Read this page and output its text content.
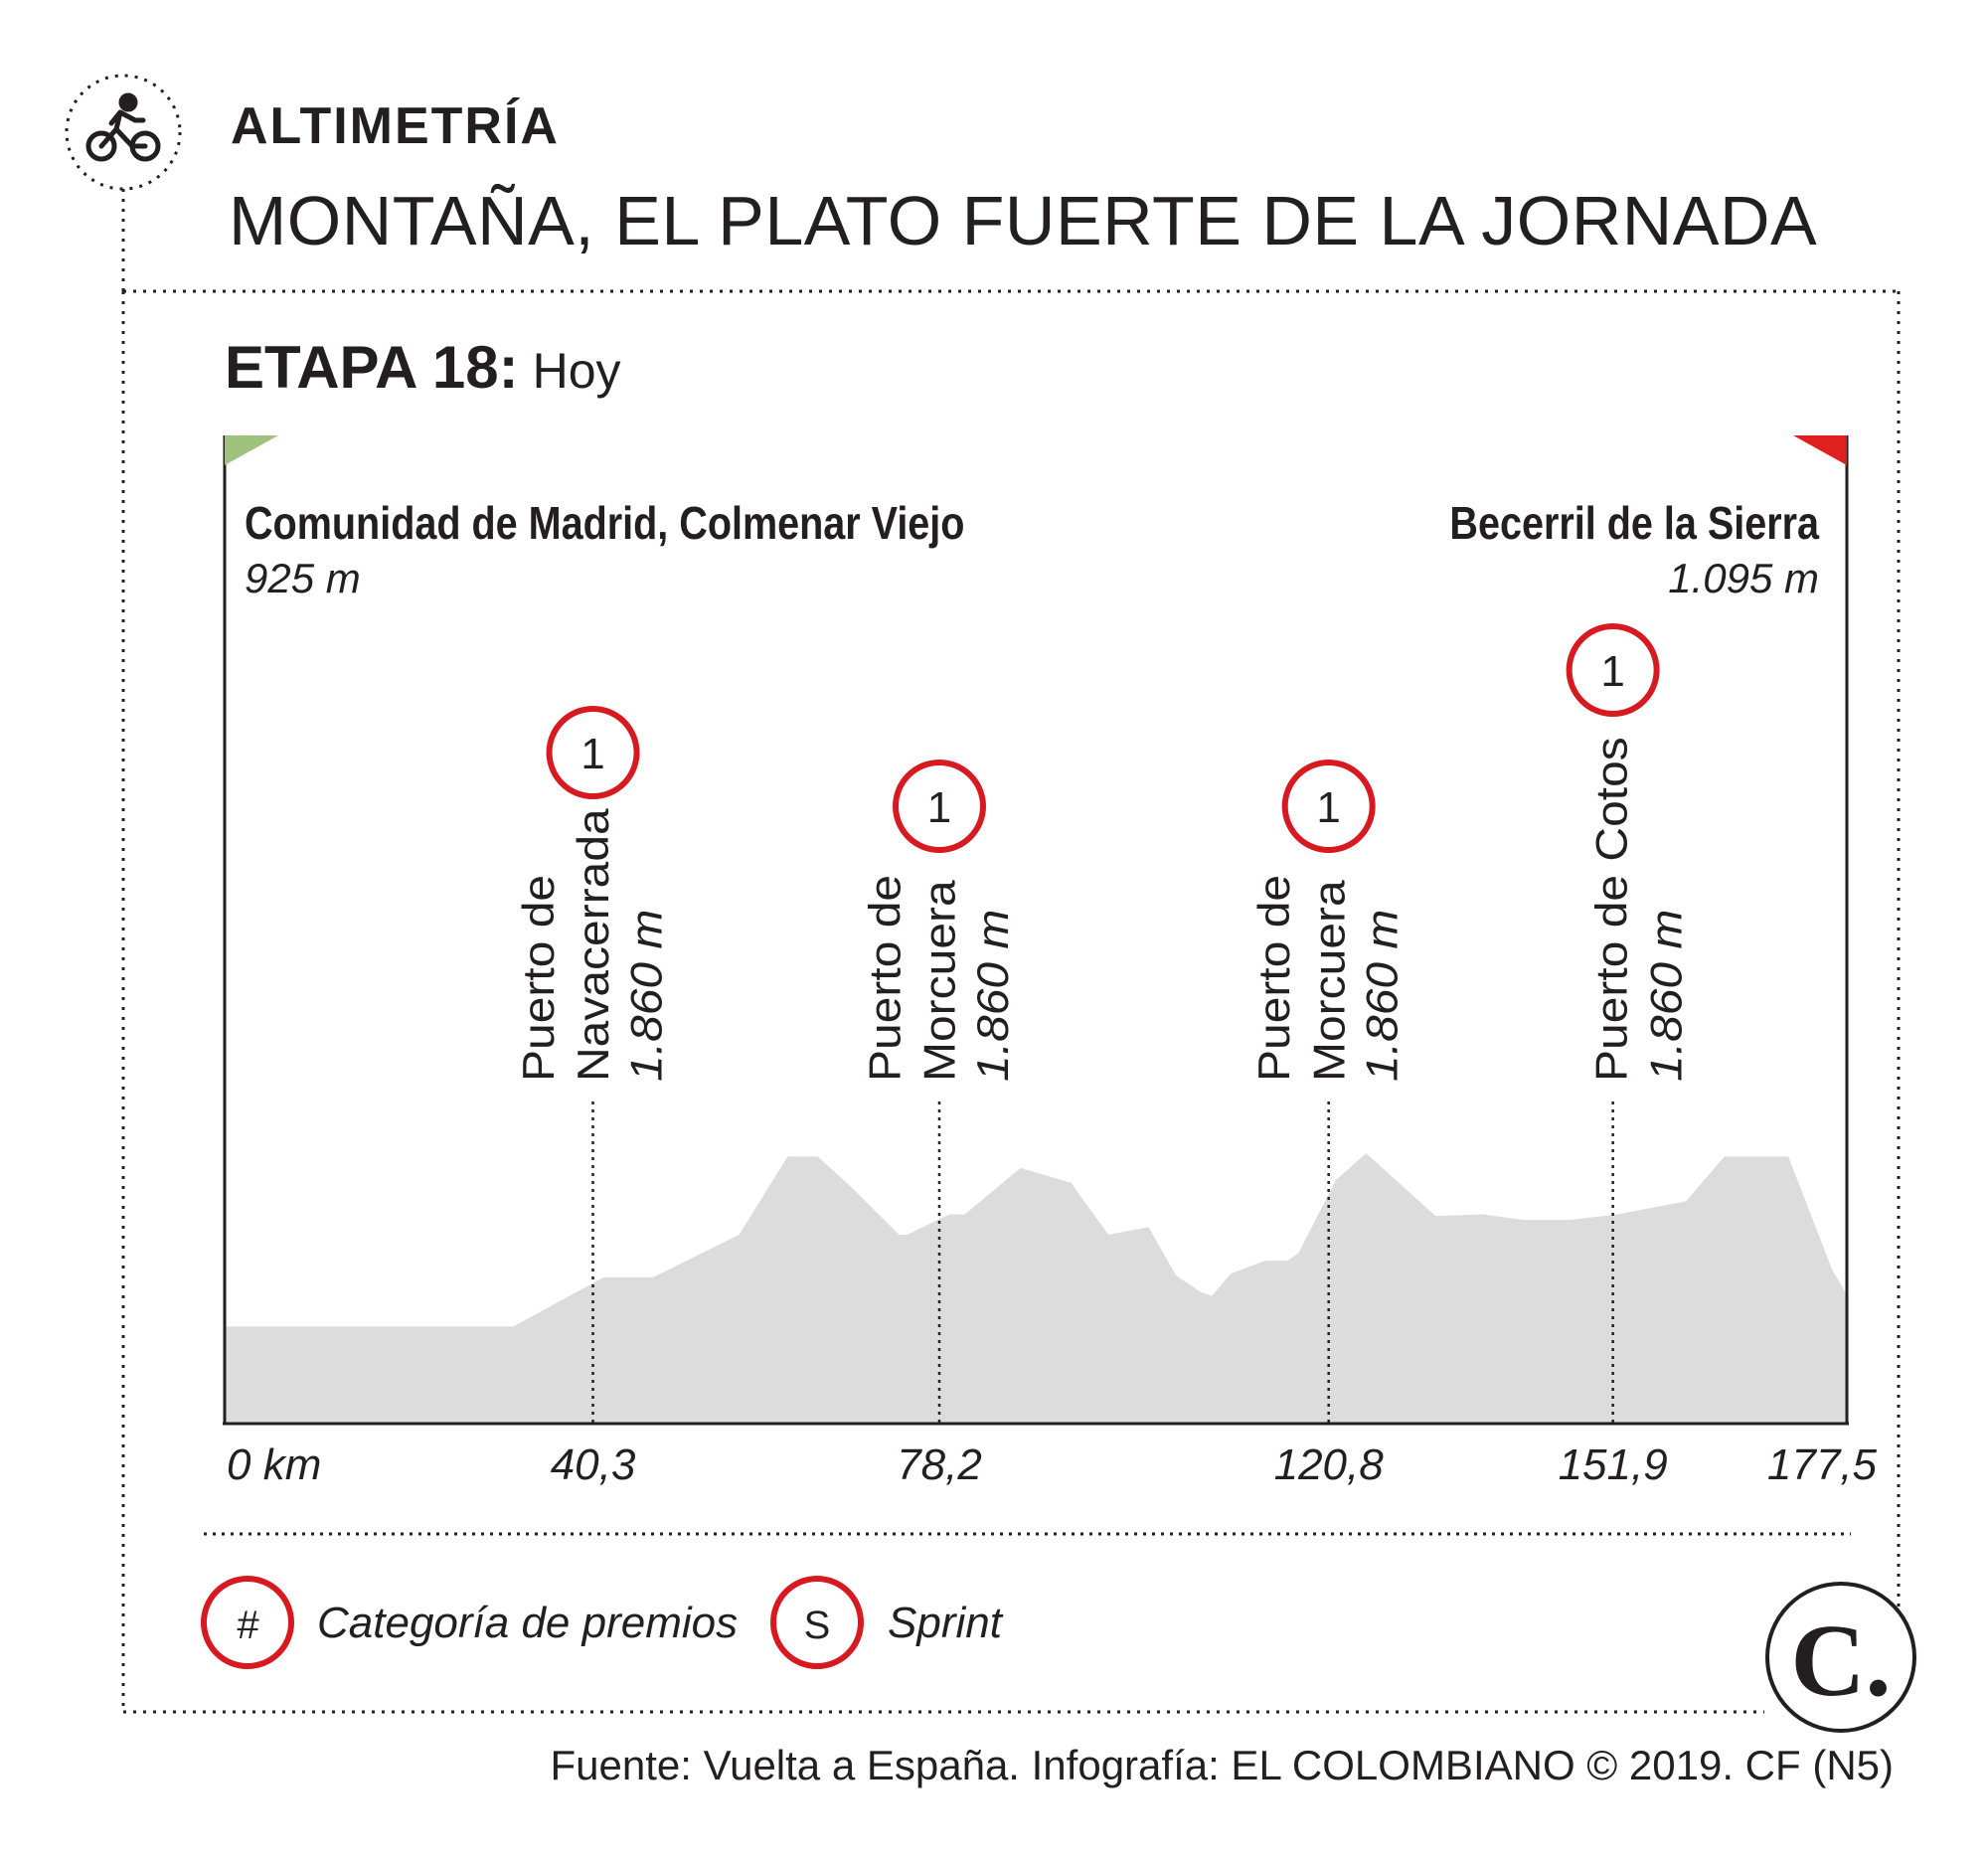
ALTIMETRÍA
MONTAÑA, EL PLATO FUERTE DE LA JORNADA
ETAPA 18: Hoy
Puerto de Navacerrada 1.860 m
1
Puerto de Morcuera 1.860 m
1
Puerto de Morcuera 1.860 m
1	Puerto de Cotos 1.860 m
1
0 km	40,3	78,2	120,8	151,9 177,5
Comunidad de Madrid, Colmenar Viejo
925 m
Becerril de la Sierra
1.095 m
# Categoría de premios S Sprint	C.
Fuente: Vuelta a España. Infografía: EL COLOMBIANO © 2019. CF (N5)
